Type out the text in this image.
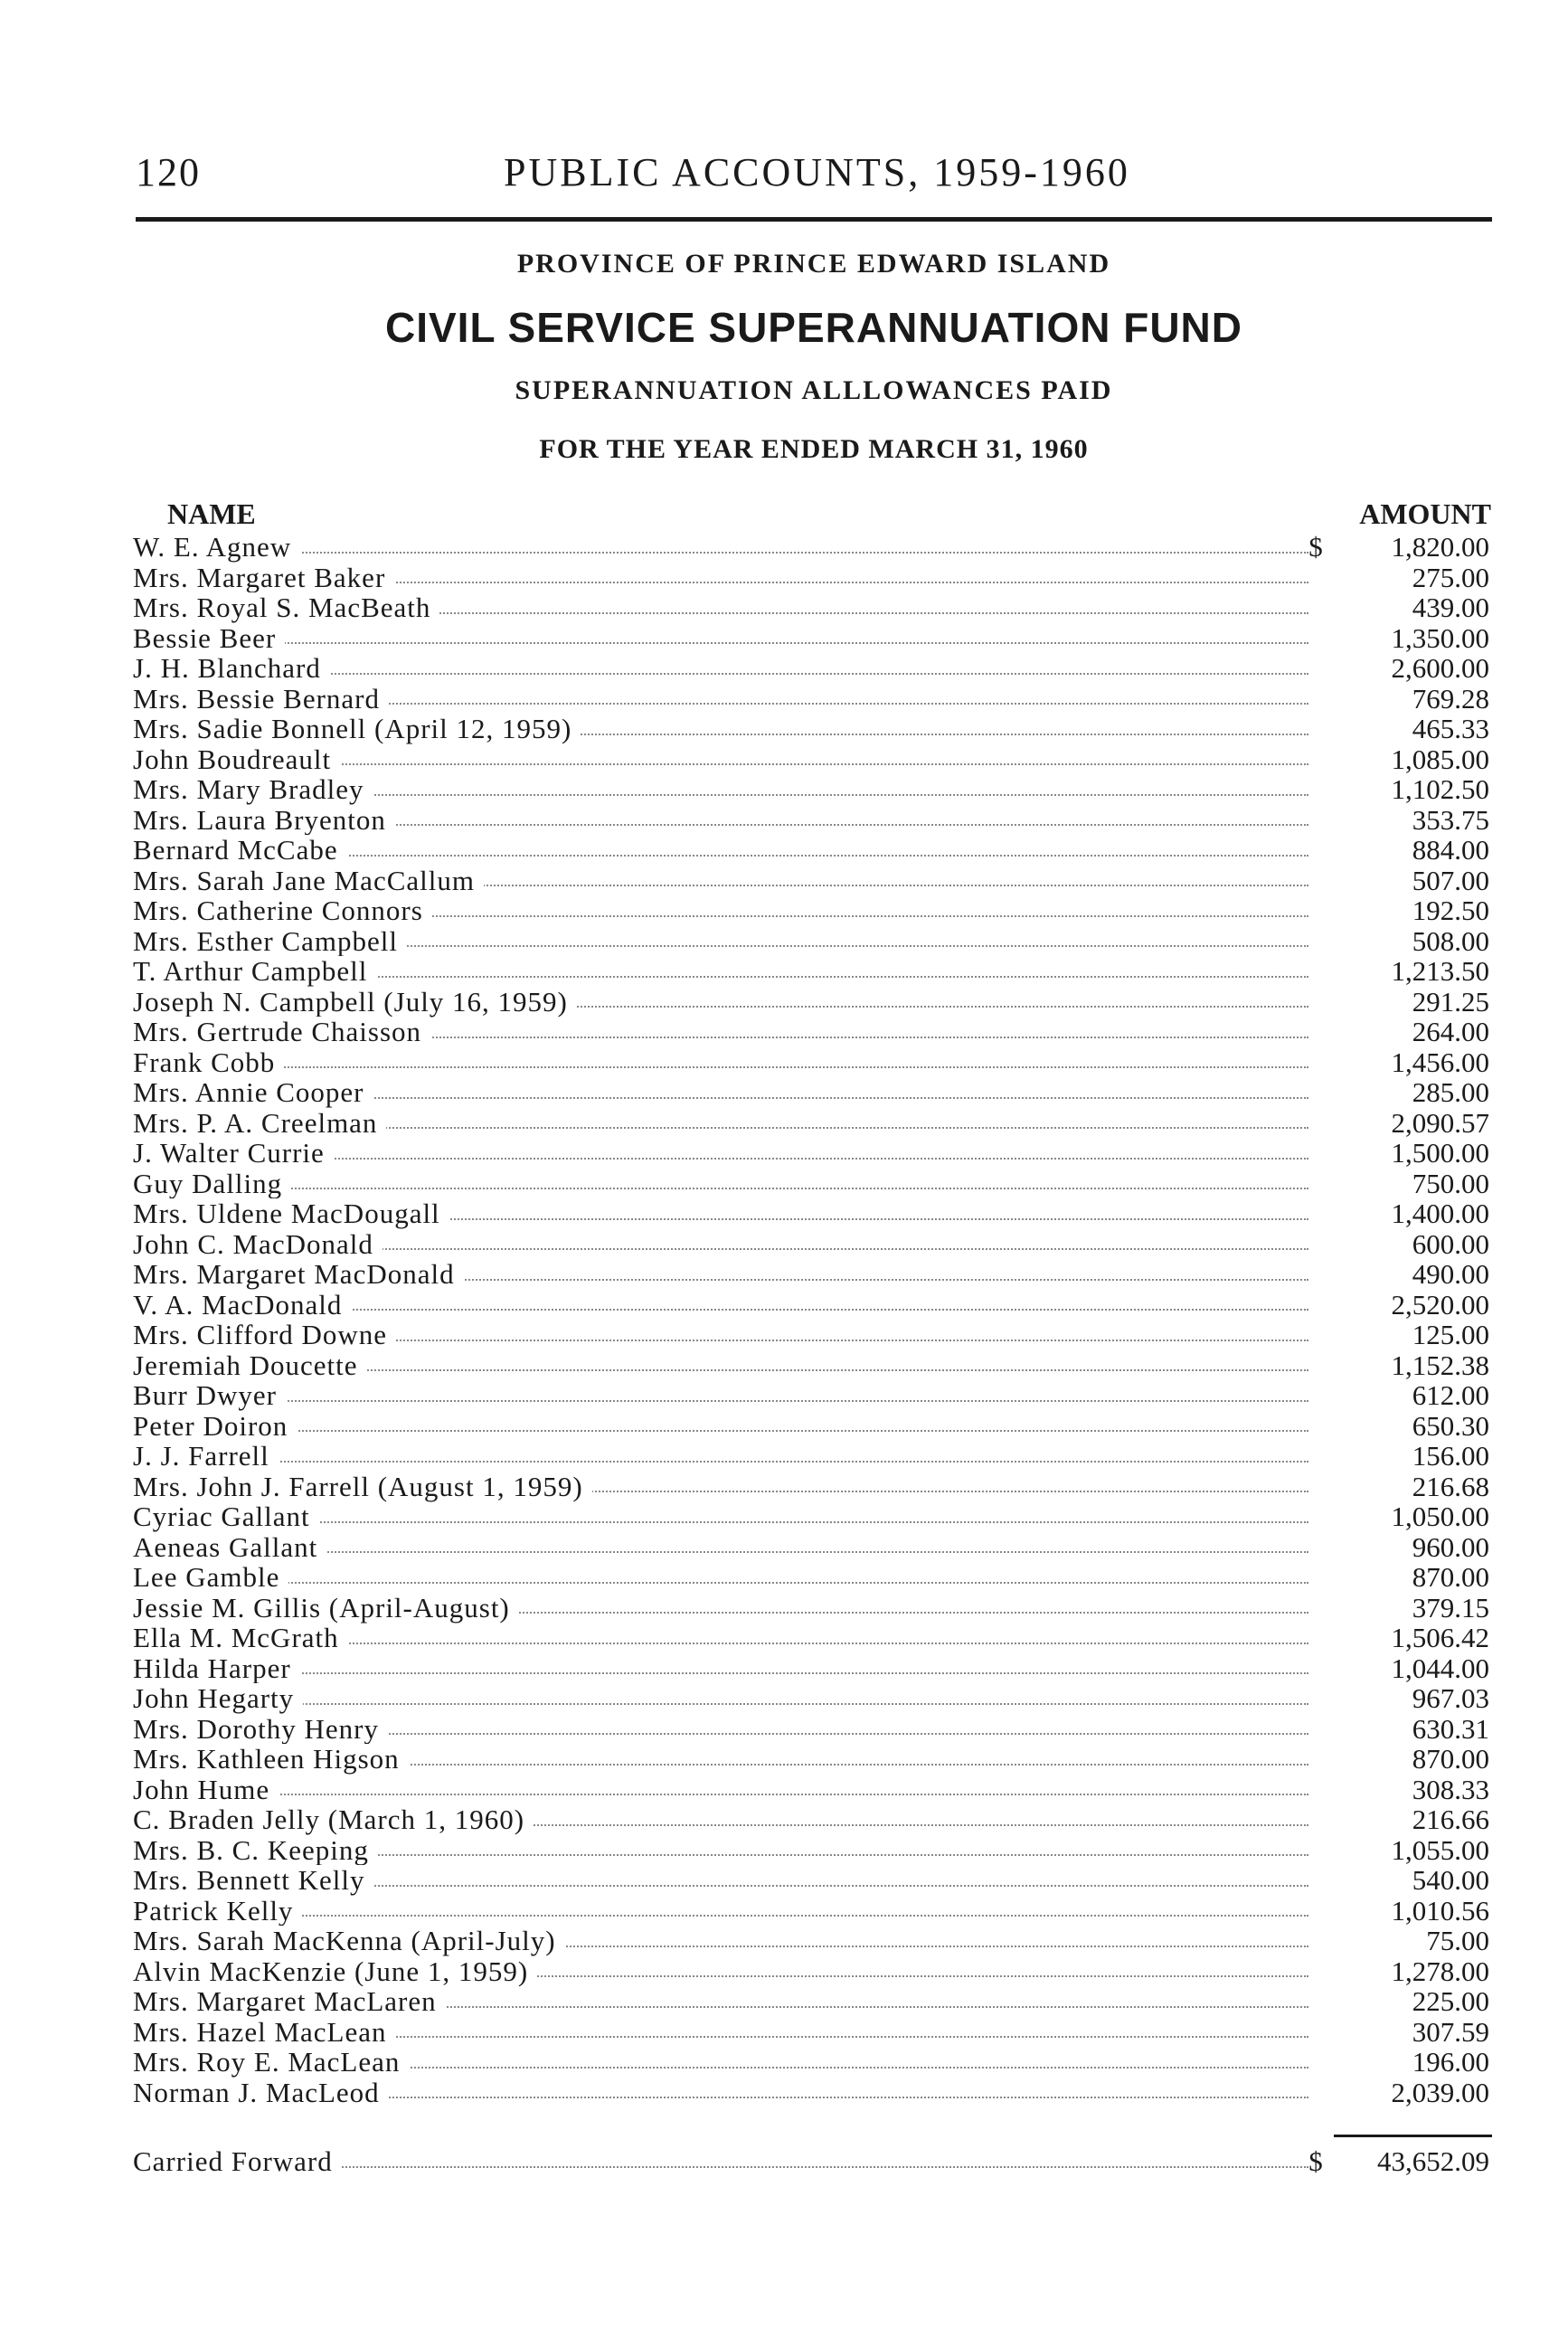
120	PUBLIC ACCOUNTS, 1959-1960
PROVINCE OF PRINCE EDWARD ISLAND
CIVIL SERVICE SUPERANNUATION FUND
SUPERANNUATION ALLLOWANCES PAID
FOR THE YEAR ENDED MARCH 31, 1960
NAME	AMOUNT
W. E. Agnew	$	1,820.00
Mrs. Margaret Baker	275.00
Mrs. Royal S. MacBeath	439.00
Bessie Beer	1,350.00
J. H. Blanchard	2,600.00
Mrs. Bessie Bernard	769.28
Mrs. Sadie Bonnell (April 12, 1959)	465.33
John Boudreault	1,085.00
Mrs. Mary Bradley	1,102.50
Mrs. Laura Bryenton	353.75
Bernard McCabe	884.00
Mrs. Sarah Jane MacCallum	507.00
Mrs. Catherine Connors	192.50
Mrs. Esther Campbell	508.00
T. Arthur Campbell	1,213.50
Joseph N. Campbell (July 16, 1959)	291.25
Mrs. Gertrude Chaisson	264.00
Frank Cobb	1,456.00
Mrs. Annie Cooper	285.00
Mrs. P. A. Creelman	2,090.57
J. Walter Currie	1,500.00
Guy Dalling	750.00
Mrs. Uldene MacDougall	1,400.00
John C. MacDonald	600.00
Mrs. Margaret MacDonald	490.00
V. A. MacDonald	2,520.00
Mrs. Clifford Downe	125.00
Jeremiah Doucette	1,152.38
Burr Dwyer	612.00
Peter Doiron	650.30
J. J. Farrell	156.00
Mrs. John J. Farrell (August 1, 1959)	216.68
Cyriac Gallant	1,050.00
Aeneas Gallant	960.00
Lee Gamble	870.00
Jessie M. Gillis (April-August)	379.15
Ella M. McGrath	1,506.42
Hilda Harper	1,044.00
John Hegarty	967.03
Mrs. Dorothy Henry	630.31
Mrs. Kathleen Higson	870.00
John Hume	308.33
C. Braden Jelly (March 1, 1960)	216.66
Mrs. B. C. Keeping	1,055.00
Mrs. Bennett Kelly	540.00
Patrick Kelly	1,010.56
Mrs. Sarah MacKenna (April-July)	75.00
Alvin MacKenzie (June 1, 1959)	1,278.00
Mrs. Margaret MacLaren	225.00
Mrs. Hazel MacLean	307.59
Mrs. Roy E. MacLean	196.00
Norman J. MacLeod	2,039.00
Carried Forward	$	43,652.09
